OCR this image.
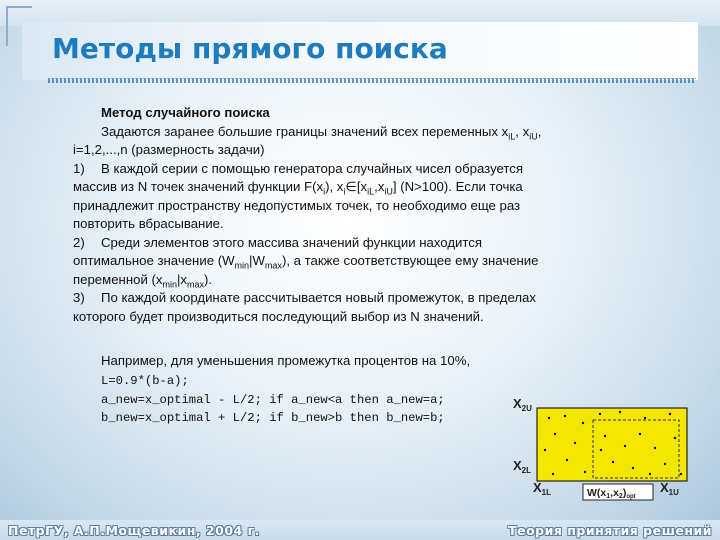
Методы прямого поиска
Метод случайного поиска
Задаются заранее большие границы значений всех переменных $x_{iL}$, $x_{iU}$,
i=1,2,...,n (размерность задачи)
1) В каждой серии с помощью генератора случайных чисел образуется
массив из N точек значений функции $F(x_i)$, $x_i\in[x_{iL},x_{iU}]$ (N>100). Если точка
принадлежит пространству недопустимых точек, то необходимо еще раз
повторить вбрасывание.
2) Среди элементов этого массива значений функции находится
оптимальное значение $(W_{min}|W_{max})$, а также соответствующее ему значение
переменной $(x_{min}|x_{max})$.
3) По каждой координате рассчитывается новый промежуток, в пределах
которого будет производиться последующий выбор из N значений.
Например, для уменьшения промежутка процентов на 10%,
L=0.9*(b-a);
a_new=x_optimal - L/2; if a_new<a then a_new=a;
b_new=x_optimal + L/2; if b_new>b then b_new=b;
$X_{2U}$
$X_{2L}$
$X_{1L}$	$X_{1U}$
W(x1,x2)opt
ПетрГУ, А.П.Мощевикин, 2004 г.	Теория принятия решений
